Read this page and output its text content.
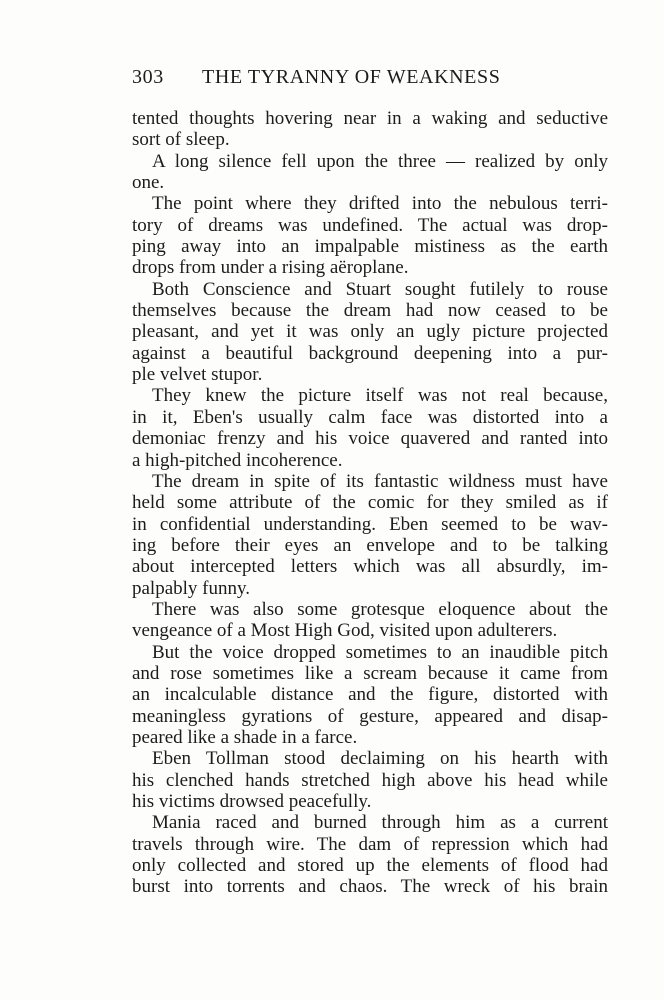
303 THE TYRANNY OF WEAKNESS
tented thoughts hovering near in a waking and seductive
sort of sleep.
A long silence fell upon the three — realized by only
one.
The point where they drifted into the nebulous terri-
tory of dreams was undefined. The actual was drop-
ping away into an impalpable mistiness as the earth
drops from under a rising aëroplane.
Both Conscience and Stuart sought futilely to rouse
themselves because the dream had now ceased to be
pleasant, and yet it was only an ugly picture projected
against a beautiful background deepening into a pur-
ple velvet stupor.
They knew the picture itself was not real because,
in it, Eben's usually calm face was distorted into a
demoniac frenzy and his voice quavered and ranted into
a high-pitched incoherence.
The dream in spite of its fantastic wildness must have
held some attribute of the comic for they smiled as if
in confidential understanding. Eben seemed to be wav-
ing before their eyes an envelope and to be talking
about intercepted letters which was all absurdly, im-
palpably funny.
There was also some grotesque eloquence about the
vengeance of a Most High God, visited upon adulterers.
But the voice dropped sometimes to an inaudible pitch
and rose sometimes like a scream because it came from
an incalculable distance and the figure, distorted with
meaningless gyrations of gesture, appeared and disap-
peared like a shade in a farce.
Eben Tollman stood declaiming on his hearth with
his clenched hands stretched high above his head while
his victims drowsed peacefully.
Mania raced and burned through him as a current
travels through wire. The dam of repression which had
only collected and stored up the elements of flood had
burst into torrents and chaos. The wreck of his brain
